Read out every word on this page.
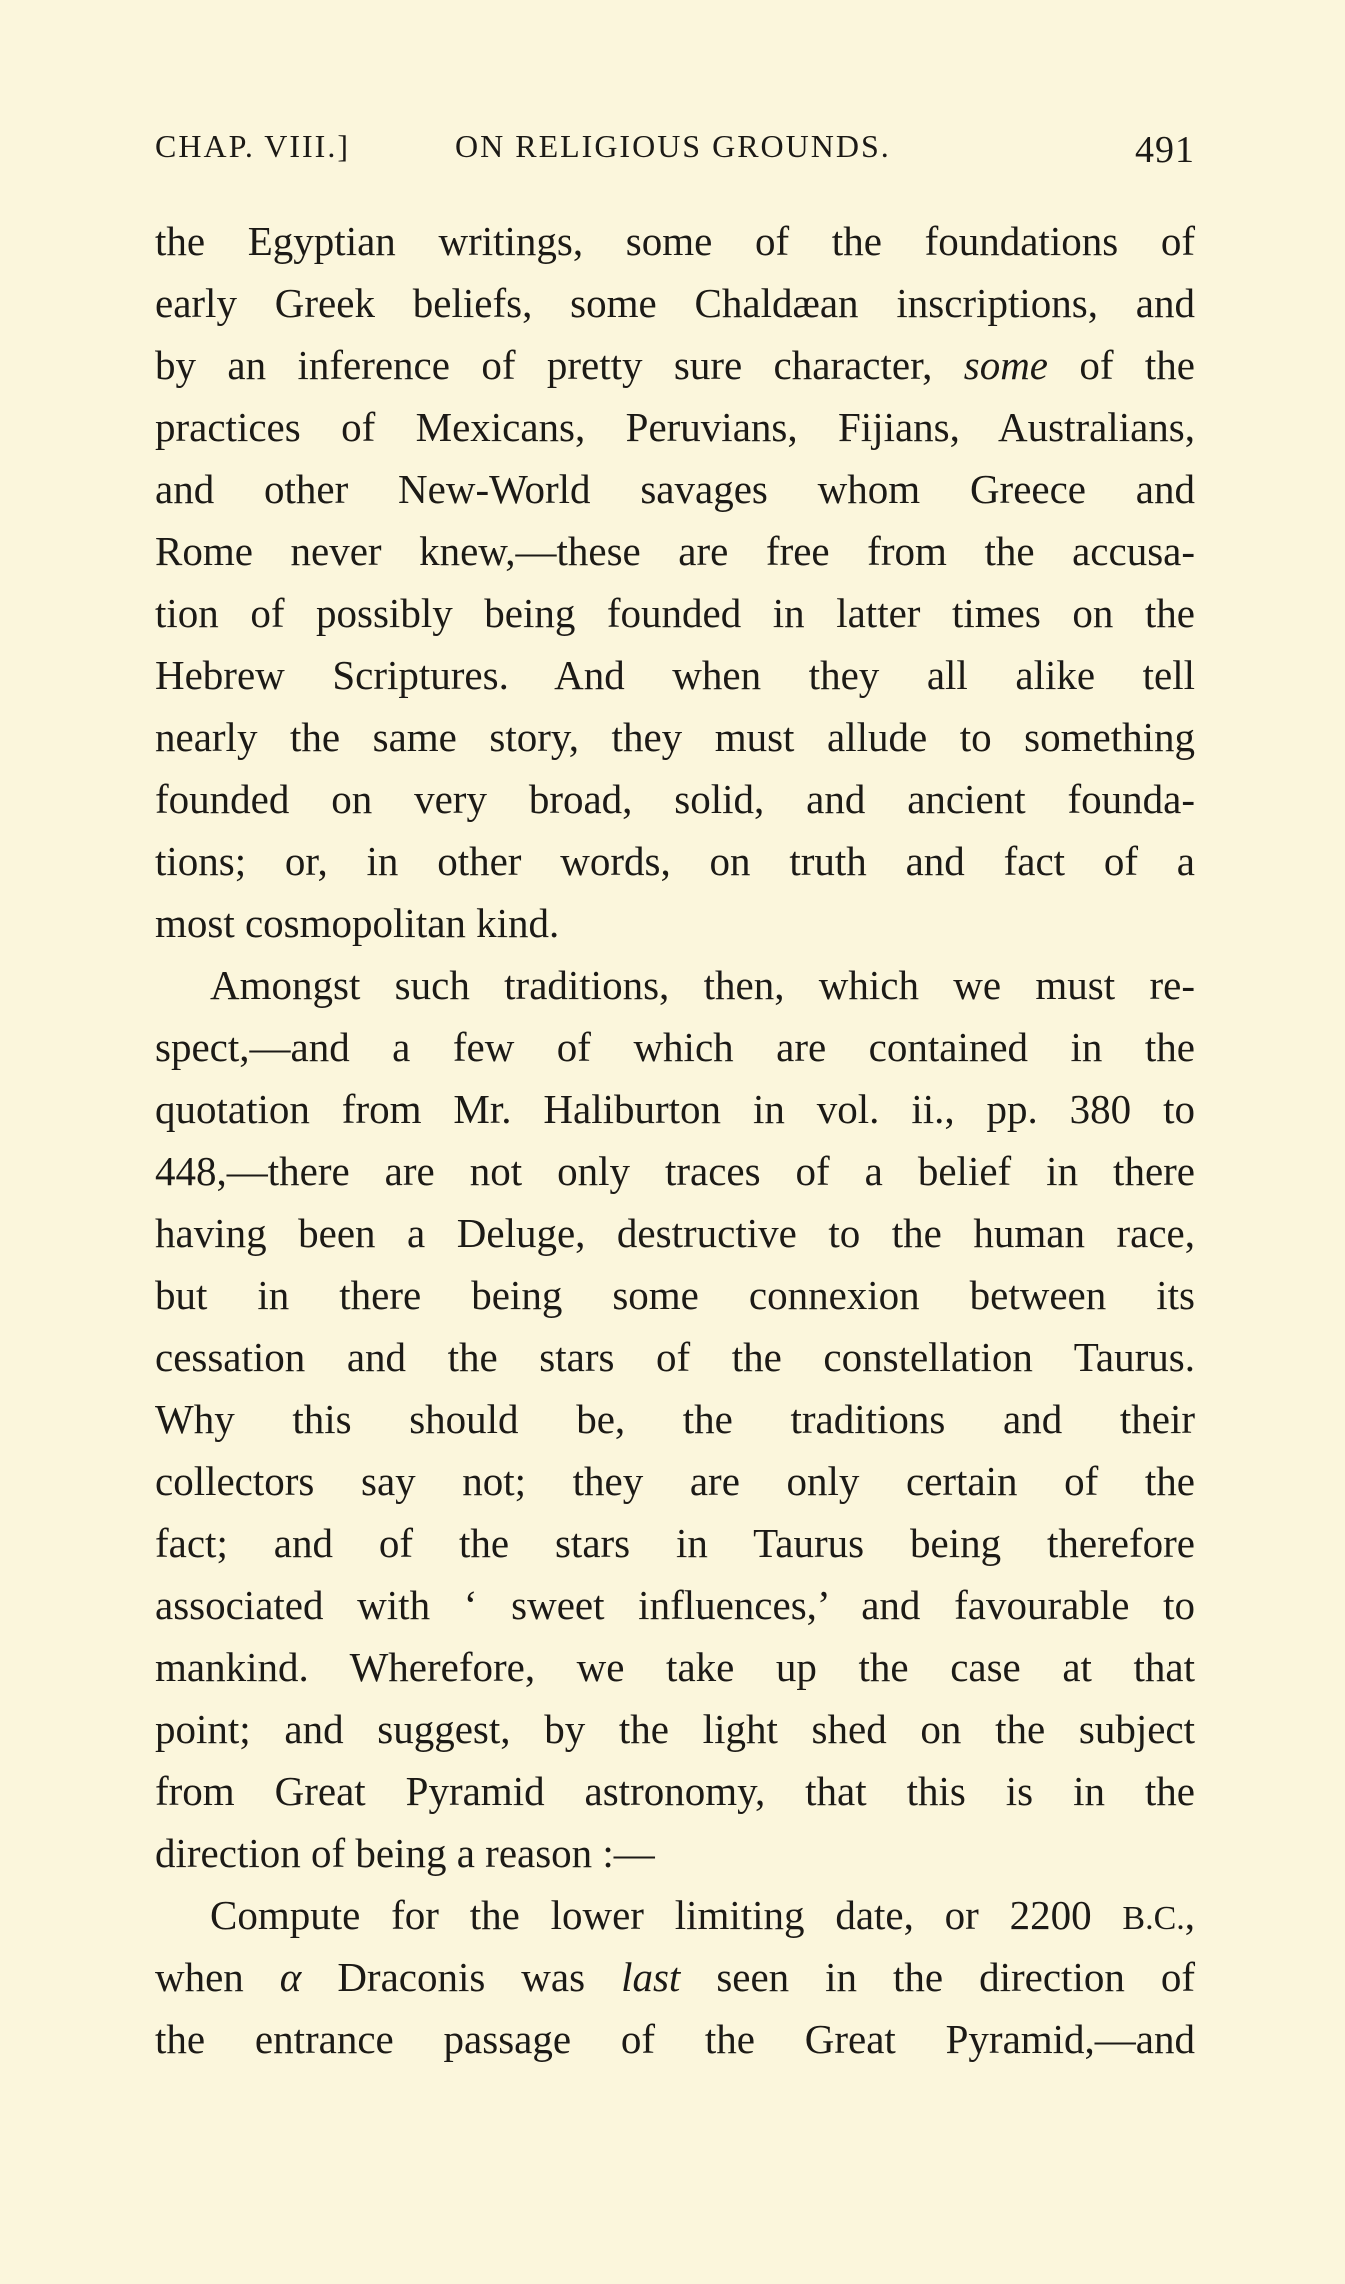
CHAP. VIII.]	ON RELIGIOUS GROUNDS.	491
the Egyptian writings, some of the foundations of
early Greek beliefs, some Chaldæan inscriptions, and
by an inference of pretty sure character, some of the
practices of Mexicans, Peruvians, Fijians, Australians,
and other New-World savages whom Greece and
Rome never knew,—these are free from the accusa-
tion of possibly being founded in latter times on the
Hebrew Scriptures. And when they all alike tell
nearly the same story, they must allude to something
founded on very broad, solid, and ancient founda-
tions; or, in other words, on truth and fact of a
most cosmopolitan kind.
Amongst such traditions, then, which we must re-
spect,—and a few of which are contained in the
quotation from Mr. Haliburton in vol. ii., pp. 380 to
448,—there are not only traces of a belief in there
having been a Deluge, destructive to the human race,
but in there being some connexion between its
cessation and the stars of the constellation Taurus.
Why this should be, the traditions and their
collectors say not; they are only certain of the
fact; and of the stars in Taurus being therefore
associated with ‘ sweet influences,’ and favourable to
mankind. Wherefore, we take up the case at that
point; and suggest, by the light shed on the subject
from Great Pyramid astronomy, that this is in the
direction of being a reason :—
Compute for the lower limiting date, or 2200 B.C.,
when α Draconis was last seen in the direction of
the entrance passage of the Great Pyramid,—and
